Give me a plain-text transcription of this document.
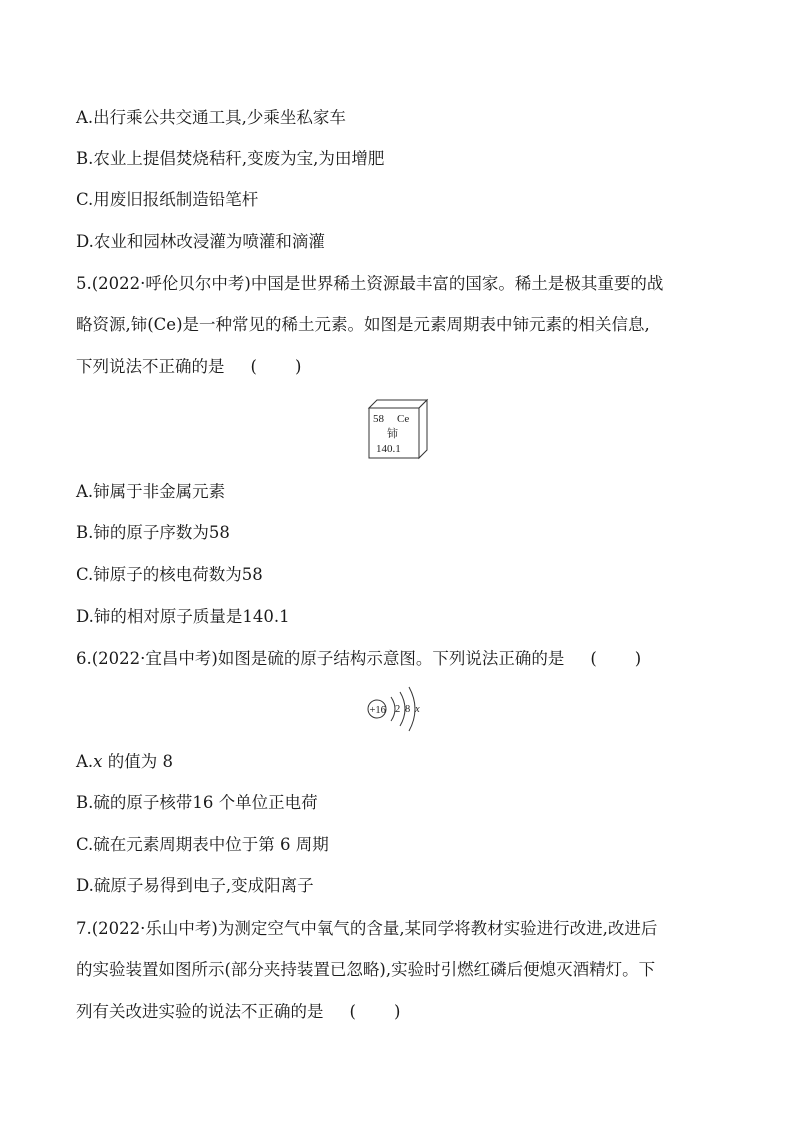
A.出行乘公共交通工具,少乘坐私家车
B.农业上提倡焚烧秸秆,变废为宝,为田增肥
C.用废旧报纸制造铅笔杆
D.农业和园林改浸灌为喷灌和滴灌
5.(2022·呼伦贝尔中考)中国是世界稀土资源最丰富的国家。稀土是极其重要的战
略资源,铈(Ce)是一种常见的稀土元素。如图是元素周期表中铈元素的相关信息,
下列说法不正确的是 ( )
58 Ce
铈
140.1
A.铈属于非金属元素
B.铈的原子序数为58
C.铈原子的核电荷数为58
D.铈的相对原子质量是140.1
6.(2022·宜昌中考)如图是硫的原子结构示意图。下列说法正确的是 ( )
+16 2 8 x
A.x 的值为 8
B.硫的原子核带16 个单位正电荷
C.硫在元素周期表中位于第 6 周期
D.硫原子易得到电子,变成阳离子
7.(2022·乐山中考)为测定空气中氧气的含量,某同学将教材实验进行改进,改进后
的实验装置如图所示(部分夹持装置已忽略),实验时引燃红磷后便熄灭酒精灯。下
列有关改进实验的说法不正确的是 ( )
